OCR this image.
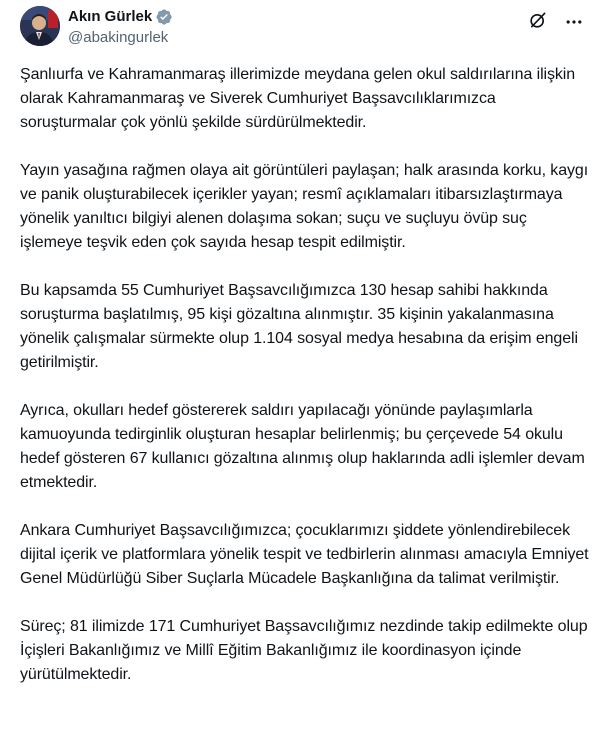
Akın Gürlek
@abakingurlek

Şanlıurfa ve Kahramanmaraş illerimizde meydana gelen okul saldırılarına ilişkin olarak Kahramanmaraş ve Siverek Cumhuriyet Başsavcılıklarımızca soruşturmalar çok yönlü şekilde sürdürülmektedir.

Yayın yasağına rağmen olaya ait görüntüleri paylaşan; halk arasında korku, kaygı ve panik oluşturabilecek içerikler yayan; resmî açıklamaları itibarsızlaştırmaya yönelik yanıltıcı bilgiyi alenen dolaşıma sokan; suçu ve suçluyu övüp suç işlemeye teşvik eden çok sayıda hesap tespit edilmiştir.

Bu kapsamda 55 Cumhuriyet Başsavcılığımızca 130 hesap sahibi hakkında soruşturma başlatılmış, 95 kişi gözaltına alınmıştır. 35 kişinin yakalanmasına yönelik çalışmalar sürmekte olup 1.104 sosyal medya hesabına da erişim engeli getirilmiştir.

Ayrıca, okulları hedef göstererek saldırı yapılacağı yönünde paylaşımlarla kamuoyunda tedirginlik oluşturan hesaplar belirlenmiş; bu çerçevede 54 okulu hedef gösteren 67 kullanıcı gözaltına alınmış olup haklarında adli işlemler devam etmektedir.

Ankara Cumhuriyet Başsavcılığımızca; çocuklarımızı şiddete yönlendirebilecek dijital içerik ve platformlara yönelik tespit ve tedbirlerin alınması amacıyla Emniyet Genel Müdürlüğü Siber Suçlarla Mücadele Başkanlığına da talimat verilmiştir.

Süreç; 81 ilimizde 171 Cumhuriyet Başsavcılığımız nezdinde takip edilmekte olup İçişleri Bakanlığımız ve Millî Eğitim Bakanlığımız ile koordinasyon içinde yürütülmektedir.
